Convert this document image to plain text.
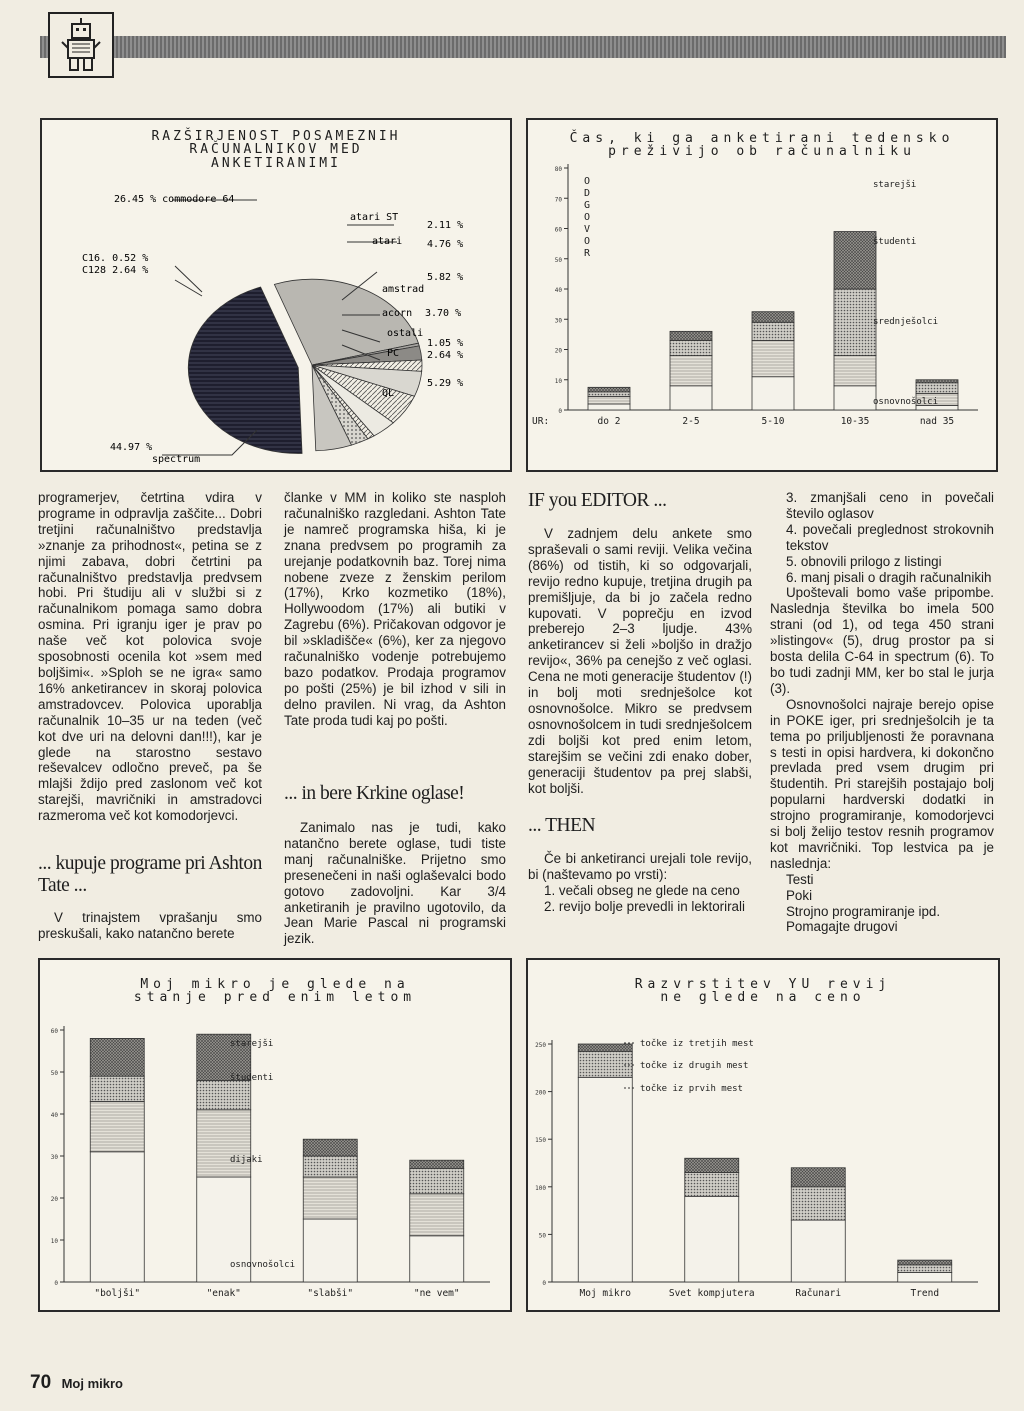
RAZŠIRJENOST POSAMEZNIH
RAČUNALNIKOV MED
ANKETIRANIMI
26.45 % commodore 64
C16. 0.52 %
C128 2.64 %
atari ST
2.11 %
atari 4.76 %
5.82 %
amstrad
acorn 3.70 %
ostali
1.05 %
PC	2.64 %
5.29 %
QL
44.97 %
spectrum
Čas, ki ga anketirani tedensko
preživijo ob računalniku
0
10
20
30
40
50
60
70
80
do 2	2-5	5-10	10-35	nad 35
UR:
O
D
G
O
V
O
R
starejši
študenti
srednješolci
osnovnošolci
Moj mikro je glede na
stanje pred enim letom
0
10
20
30
40
50
60
"boljši"	"enak"	"slabši"	"ne vem"
starejši
študenti
dijaki
osnovnošolci
Razvrstitev YU revij
ne glede na ceno
0
50
100
150
200
250
Moj mikro	Svet kompjutera	Računari	Trend
točke iz tretjih mest
točke iz drugih mest
točke iz prvih mest

programerjev, četrtina vdira v programe in odpravlja zaščite... Dobri tretjini računalništvo predstavlja »znanje za prihodnost«, petina se z njimi zabava, dobri četrtini pa računalništvo predstavlja predvsem hobi. Pri študiju ali v službi si z računalnikom pomaga samo dobra osmina. Pri igranju iger je prav po naše več kot polovica svoje sposobnosti ocenila kot »sem med boljšimi«. »Sploh se ne igra« samo 16% anketirancev in skoraj polovica amstradovcev. Polovica uporablja računalnik 10–35 ur na teden (več kot dve uri na delovni dan!!!), kar je glede na starostno sestavo reševalcev odločno preveč, pa še mlajši ždijo pred zaslonom več kot starejši, mavričniki in amstradovci razmeroma več kot komodorjevci.

... kupuje programe pri Ashton Tate ...

V trinajstem vprašanju smo preskušali, kako natančno berete

članke v MM in koliko ste nasploh računalniško razgledani. Ashton Tate je namreč programska hiša, ki je znana predvsem po programih za urejanje podatkovnih baz. Torej nima nobene zveze z ženskim perilom (17%), Krko kozmetiko (18%), Hollywoodom (17%) ali butiki v Zagrebu (6%). Pričakovan odgovor je bil »skladišče« (6%), ker za njegovo računalniško vodenje potrebujemo bazo podatkov. Prodaja programov po pošti (25%) je bil izhod v sili in delno pravilen. Ni vrag, da Ashton Tate proda tudi kaj po pošti.

... in bere Krkine oglase!

Zanimalo nas je tudi, kako natančno berete oglase, tudi tiste manj računalniške. Prijetno smo presenečeni in naši oglaševalci bodo gotovo zadovoljni. Kar 3/4 anketiranih je pravilno ugotovilo, da Jean Marie Pascal ni programski jezik.

IF you EDITOR ...

V zadnjem delu ankete smo spraševali o sami reviji. Velika večina (86%) od tistih, ki so odgovarjali, revijo redno kupuje, tretjina drugih pa premišljuje, da bi jo začela redno kupovati. V poprečju en izvod preberejo 2–3 ljudje. 43% anketirancev si želi »boljšo in dražjo revijo«, 36% pa cenejšo z več oglasi. Cena ne moti generacije študentov (!) in bolj moti srednješolce kot osnovnošolce. Mikro se predvsem osnovnošolcem in tudi srednješolcem zdi boljši kot pred enim letom, starejšim se večini zdi enako dober, generaciji študentov pa prej slabši, kot boljši.

... THEN

Če bi anketiranci urejali tole revijo, bi (naštevamo po vrsti):

1. večali obseg ne glede na ceno
2. revijo bolje prevedli in lektorirali
3. zmanjšali ceno in povečali število oglasov
4. povečali preglednost strokovnih tekstov
5. obnovili prilogo z listingi
6. manj pisali o dragih računalnikih

Upoštevali bomo vaše pripombe. Naslednja številka bo imela 500 strani (od 1), od tega 450 strani »listingov« (5), drug prostor pa si bosta delila C-64 in spectrum (6). To bo tudi zadnji MM, ker bo stal le jurja (3).

Osnovnošolci najraje berejo opise in POKE iger, pri srednješolcih je ta tema po priljubljenosti že poravnana s testi in opisi hardvera, ki dokončno prevlada pred vsem drugim pri študentih. Pri starejših postajajo bolj popularni hardverski dodatki in strojno programiranje, komodorjevci si bolj želijo testov resnih programov kot mavričniki. Top lestvica pa je naslednja:

Testi
Poki
Strojno programiranje ipd.
Pomagajte drugovi
70 Moj mikro
